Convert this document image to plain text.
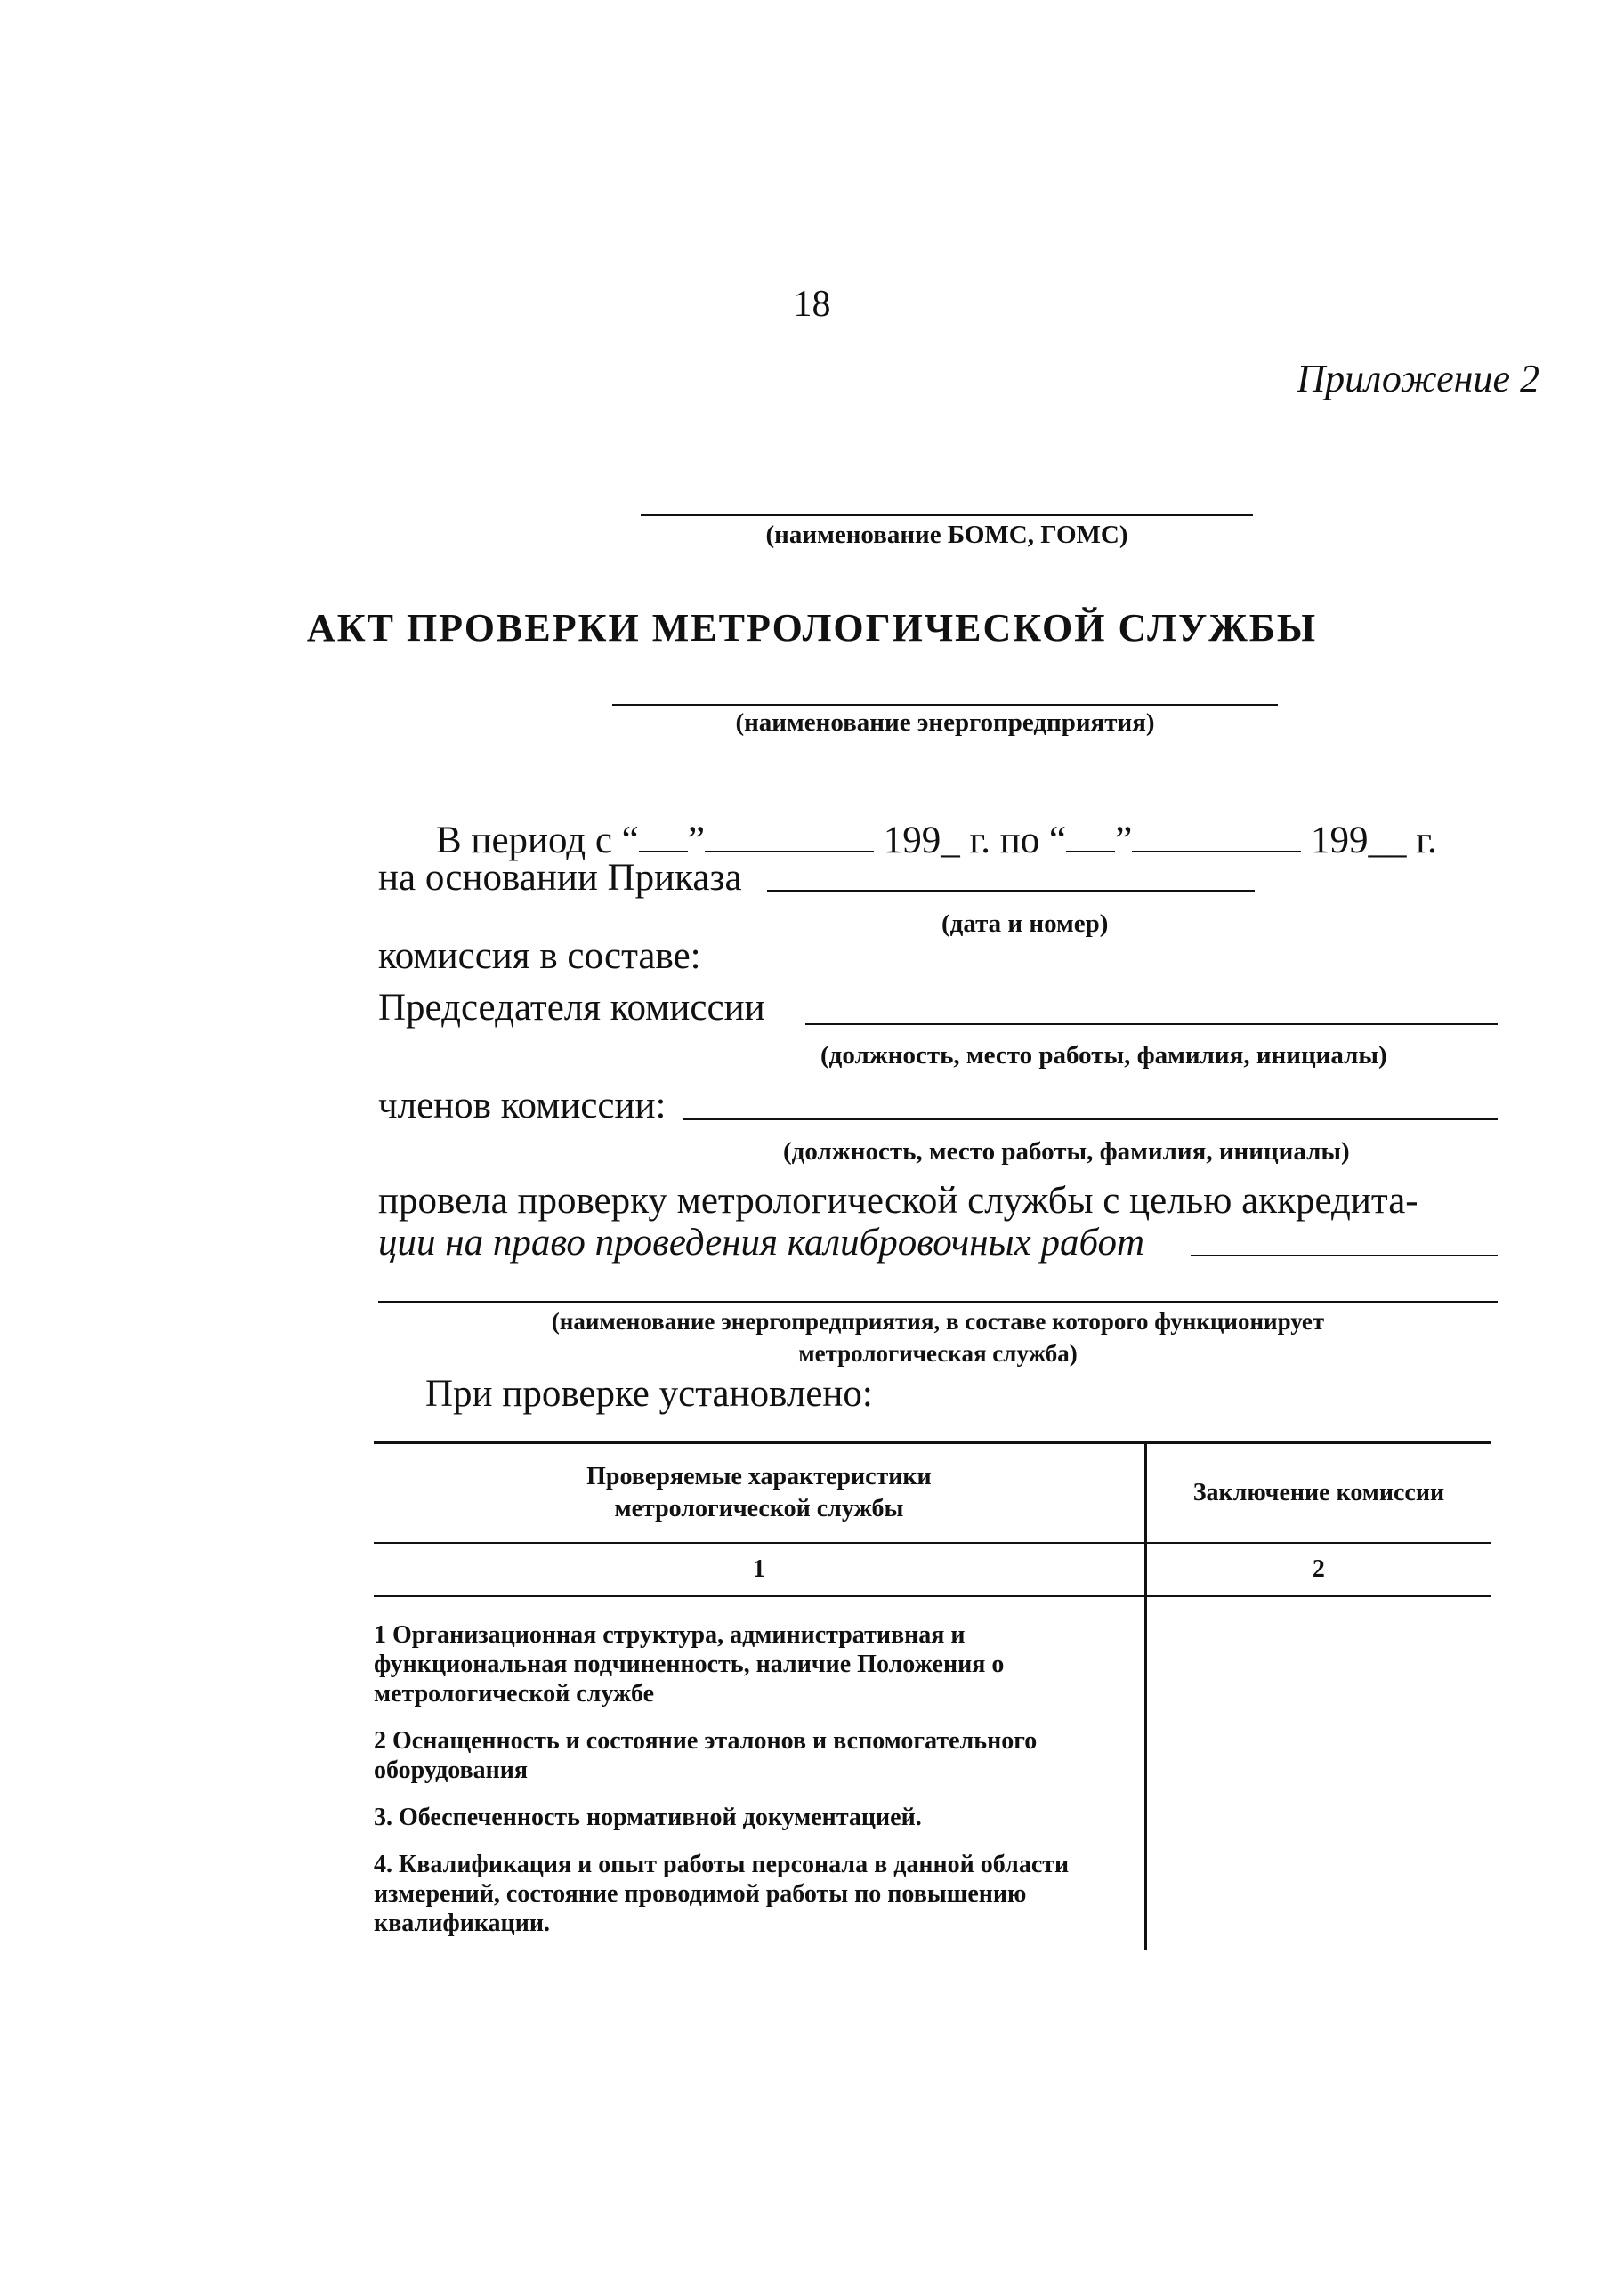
18
Приложение 2
(наименование БОМС, ГОМС)
АКТ ПРОВЕРКИ МЕТРОЛОГИЧЕСКОЙ СЛУЖБЫ
(наименование энергопредприятия)
В период с “ ”	199_ г. по “ ”	199__ г.
на основании Приказа
(дата и номер)
комиссия в составе:
Председателя комиссии
(должность, место работы, фамилия, инициалы)
членов комиссии:
(должность, место работы, фамилия, инициалы)
провела проверку метрологической службы с целью аккредита-
ции на право проведения калибровочных работ
(наименование энергопредприятия, в составе которого функционирует
метрологическая служба)
При проверке установлено:
Проверяемые характеристики
метрологической службы	Заключение комиссии
1	2

1 Организационная структура, административная и функциональная подчиненность, наличие Положения о метрологической службе
2 Оснащенность и состояние эталонов и вспомогательного оборудования
3. Обеспеченность нормативной документацией.
4. Квалификация и опыт работы персонала в данной области измерений, состояние проводимой работы по повышению квалификации.	
